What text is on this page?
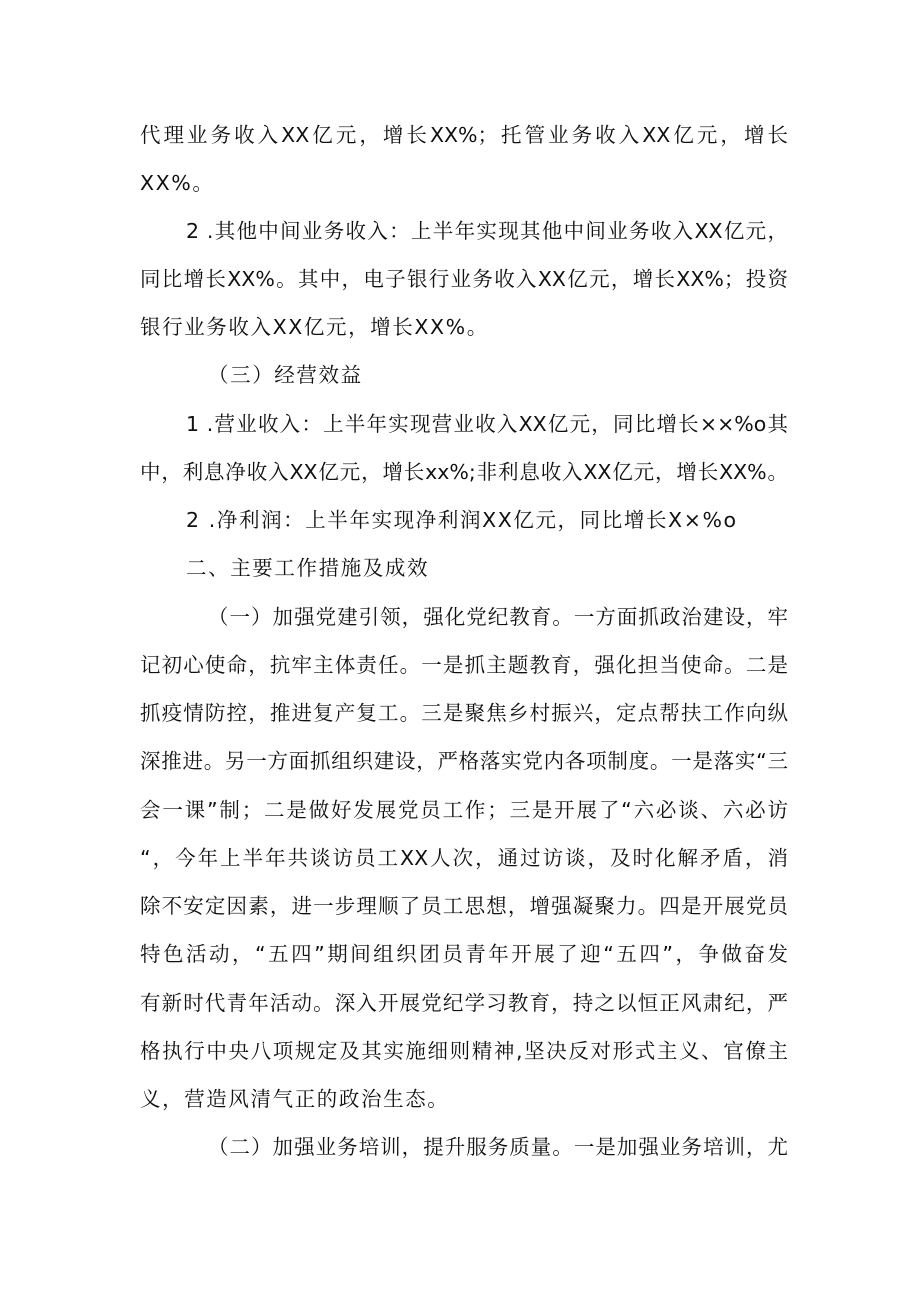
代理业务收入XX亿元，增长XX%；托管业务收入XX亿元，增长
XX%。
2 .其他中间业务收入：上半年实现其他中间业务收入XX亿元，
同比增长XX%。其中，电子银行业务收入XX亿元，增长XX%；投资
银行业务收入XX亿元，增长XX%。
（三）经营效益
1 .营业收入：上半年实现营业收入XX亿元，同比增长××%o其
中，利息净收入XX亿元，增长xx%;非利息收入XX亿元，增长XX%。
2 .净利润：上半年实现净利润XX亿元，同比增长X×%o
二、主要工作措施及成效
（一）加强党建引领，强化党纪教育。一方面抓政治建设，牢
记初心使命，抗牢主体责任。一是抓主题教育，强化担当使命。二是
抓疫情防控，推进复产复工。三是聚焦乡村振兴，定点帮扶工作向纵
深推进。另一方面抓组织建设，严格落实党内各项制度。一是落实“三
会一课”制；二是做好发展党员工作；三是开展了“六必谈、六必访
“，今年上半年共谈访员工XX人次，通过访谈，及时化解矛盾，消
除不安定因素，进一步理顺了员工思想，增强凝聚力。四是开展党员
特色活动，“五四”期间组织团员青年开展了迎“五四”，争做奋发
有新时代青年活动。深入开展党纪学习教育，持之以恒正风肃纪，严
格执行中央八项规定及其实施细则精神,坚决反对形式主义、官僚主
义，营造风清气正的政治生态。
（二）加强业务培训，提升服务质量。一是加强业务培训，尤
